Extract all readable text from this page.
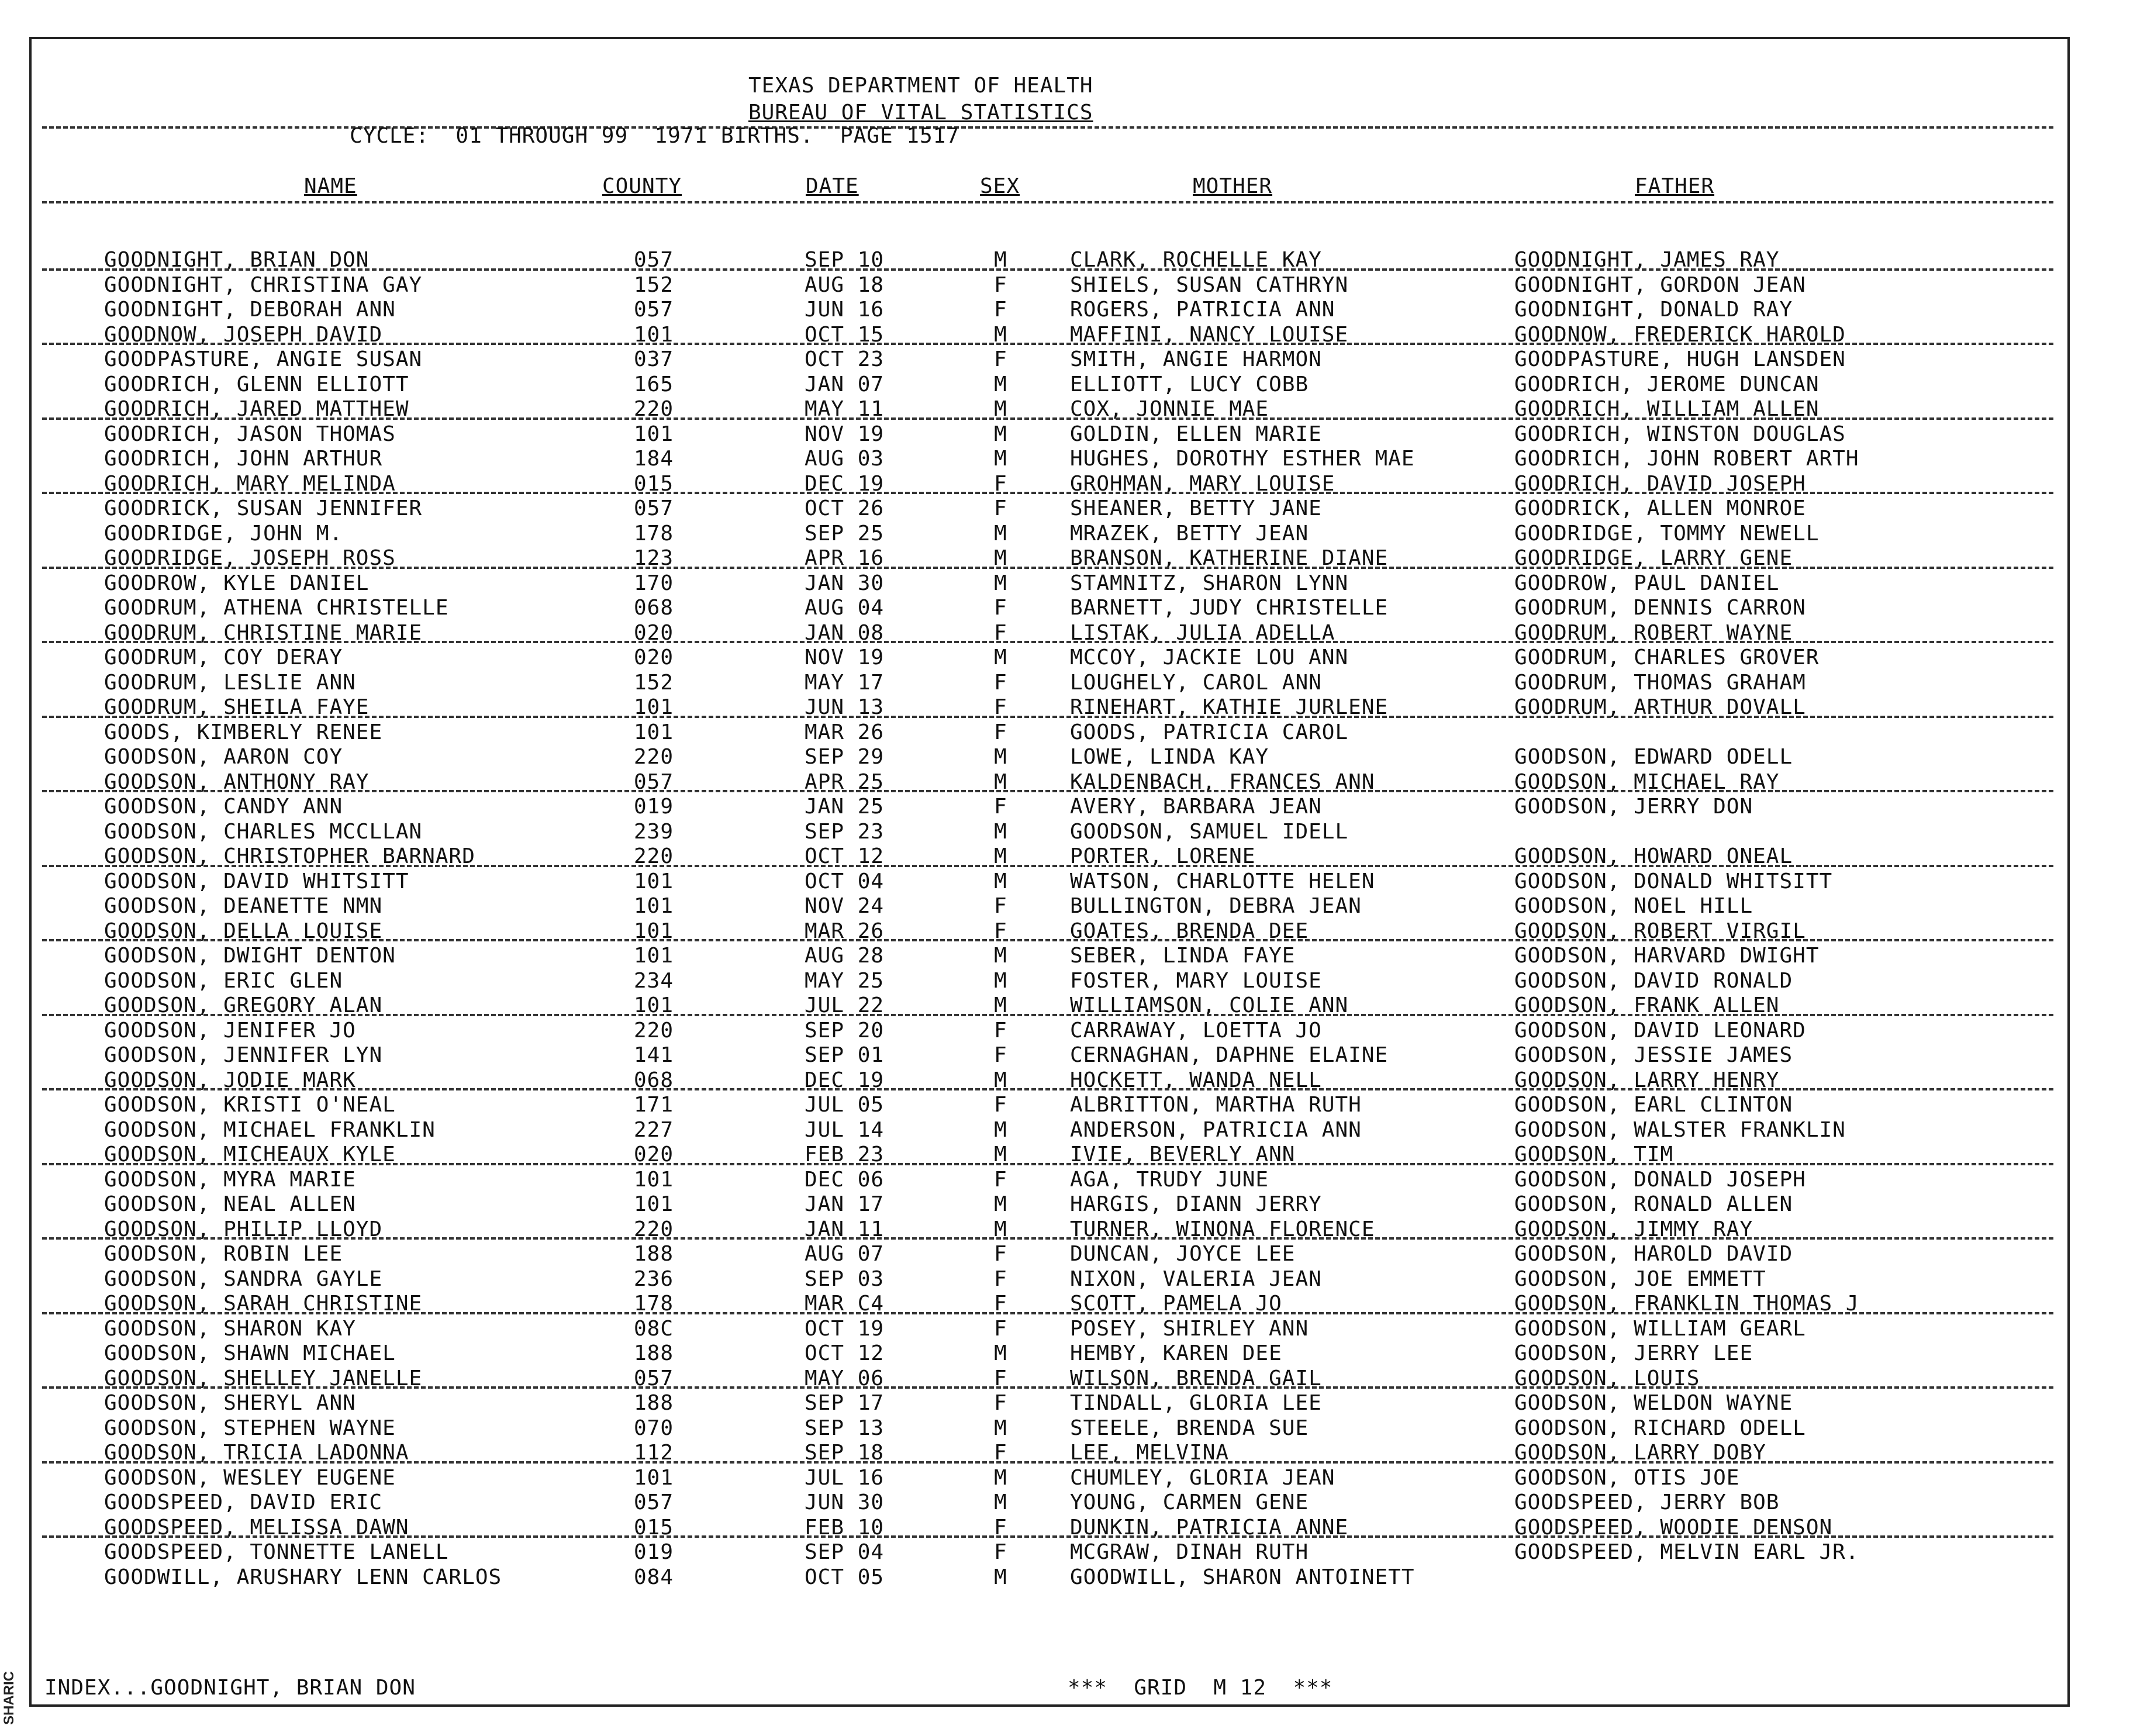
SHARIC
TEXAS DEPARTMENT OF HEALTH
BUREAU OF VITAL STATISTICS
CYCLE:  01 THROUGH 99  1971 BIRTHS.  PAGE 1517
NAME	COUNTY	DATE	SEX	MOTHER	FATHER
GOODNIGHT, BRIAN DON	057	SEP 10	M	CLARK, ROCHELLE KAY	GOODNIGHT, JAMES RAY
GOODNIGHT, CHRISTINA GAY	152	AUG 18	F	SHIELS, SUSAN CATHRYN	GOODNIGHT, GORDON JEAN
GOODNIGHT, DEBORAH ANN	057	JUN 16	F	ROGERS, PATRICIA ANN	GOODNIGHT, DONALD RAY
GOODNOW, JOSEPH DAVID	101	OCT 15	M	MAFFINI, NANCY LOUISE	GOODNOW, FREDERICK HAROLD
GOODPASTURE, ANGIE SUSAN	037	OCT 23	F	SMITH, ANGIE HARMON	GOODPASTURE, HUGH LANSDEN
GOODRICH, GLENN ELLIOTT	165	JAN 07	M	ELLIOTT, LUCY COBB	GOODRICH, JEROME DUNCAN
GOODRICH, JARED MATTHEW	220	MAY 11	M	COX, JONNIE MAE	GOODRICH, WILLIAM ALLEN
GOODRICH, JASON THOMAS	101	NOV 19	M	GOLDIN, ELLEN MARIE	GOODRICH, WINSTON DOUGLAS
GOODRICH, JOHN ARTHUR	184	AUG 03	M	HUGHES, DOROTHY ESTHER MAE	GOODRICH, JOHN ROBERT ARTH
GOODRICH, MARY MELINDA	015	DEC 19	F	GROHMAN, MARY LOUISE	GOODRICH, DAVID JOSEPH
GOODRICK, SUSAN JENNIFER	057	OCT 26	F	SHEANER, BETTY JANE	GOODRICK, ALLEN MONROE
GOODRIDGE, JOHN M.	178	SEP 25	M	MRAZEK, BETTY JEAN	GOODRIDGE, TOMMY NEWELL
GOODRIDGE, JOSEPH ROSS	123	APR 16	M	BRANSON, KATHERINE DIANE	GOODRIDGE, LARRY GENE
GOODROW, KYLE DANIEL	170	JAN 30	M	STAMNITZ, SHARON LYNN	GOODROW, PAUL DANIEL
GOODRUM, ATHENA CHRISTELLE	068	AUG 04	F	BARNETT, JUDY CHRISTELLE	GOODRUM, DENNIS CARRON
GOODRUM, CHRISTINE MARIE	020	JAN 08	F	LISTAK, JULIA ADELLA	GOODRUM, ROBERT WAYNE
GOODRUM, COY DERAY	020	NOV 19	M	MCCOY, JACKIE LOU ANN	GOODRUM, CHARLES GROVER
GOODRUM, LESLIE ANN	152	MAY 17	F	LOUGHELY, CAROL ANN	GOODRUM, THOMAS GRAHAM
GOODRUM, SHEILA FAYE	101	JUN 13	F	RINEHART, KATHIE JURLENE	GOODRUM, ARTHUR DOVALL
GOODS, KIMBERLY RENEE	101	MAR 26	F	GOODS, PATRICIA CAROL
GOODSON, AARON COY	220	SEP 29	M	LOWE, LINDA KAY	GOODSON, EDWARD ODELL
GOODSON, ANTHONY RAY	057	APR 25	M	KALDENBACH, FRANCES ANN	GOODSON, MICHAEL RAY
GOODSON, CANDY ANN	019	JAN 25	F	AVERY, BARBARA JEAN	GOODSON, JERRY DON
GOODSON, CHARLES MCCLLAN	239	SEP 23	M	GOODSON, SAMUEL IDELL
GOODSON, CHRISTOPHER BARNARD	220	OCT 12	M	PORTER, LORENE	GOODSON, HOWARD ONEAL
GOODSON, DAVID WHITSITT	101	OCT 04	M	WATSON, CHARLOTTE HELEN	GOODSON, DONALD WHITSITT
GOODSON, DEANETTE NMN	101	NOV 24	F	BULLINGTON, DEBRA JEAN	GOODSON, NOEL HILL
GOODSON, DELLA LOUISE	101	MAR 26	F	GOATES, BRENDA DEE	GOODSON, ROBERT VIRGIL
GOODSON, DWIGHT DENTON	101	AUG 28	M	SEBER, LINDA FAYE	GOODSON, HARVARD DWIGHT
GOODSON, ERIC GLEN	234	MAY 25	M	FOSTER, MARY LOUISE	GOODSON, DAVID RONALD
GOODSON, GREGORY ALAN	101	JUL 22	M	WILLIAMSON, COLIE ANN	GOODSON, FRANK ALLEN
GOODSON, JENIFER JO	220	SEP 20	F	CARRAWAY, LOETTA JO	GOODSON, DAVID LEONARD
GOODSON, JENNIFER LYN	141	SEP 01	F	CERNAGHAN, DAPHNE ELAINE	GOODSON, JESSIE JAMES
GOODSON, JODIE MARK	068	DEC 19	M	HOCKETT, WANDA NELL	GOODSON, LARRY HENRY
GOODSON, KRISTI O'NEAL	171	JUL 05	F	ALBRITTON, MARTHA RUTH	GOODSON, EARL CLINTON
GOODSON, MICHAEL FRANKLIN	227	JUL 14	M	ANDERSON, PATRICIA ANN	GOODSON, WALSTER FRANKLIN
GOODSON, MICHEAUX KYLE	020	FEB 23	M	IVIE, BEVERLY ANN	GOODSON, TIM
GOODSON, MYRA MARIE	101	DEC 06	F	AGA, TRUDY JUNE	GOODSON, DONALD JOSEPH
GOODSON, NEAL ALLEN	101	JAN 17	M	HARGIS, DIANN JERRY	GOODSON, RONALD ALLEN
GOODSON, PHILIP LLOYD	220	JAN 11	M	TURNER, WINONA FLORENCE	GOODSON, JIMMY RAY
GOODSON, ROBIN LEE	188	AUG 07	F	DUNCAN, JOYCE LEE	GOODSON, HAROLD DAVID
GOODSON, SANDRA GAYLE	236	SEP 03	F	NIXON, VALERIA JEAN	GOODSON, JOE EMMETT
GOODSON, SARAH CHRISTINE	178	MAR C4	F	SCOTT, PAMELA JO	GOODSON, FRANKLIN THOMAS J
GOODSON, SHARON KAY	08C	OCT 19	F	POSEY, SHIRLEY ANN	GOODSON, WILLIAM GEARL
GOODSON, SHAWN MICHAEL	188	OCT 12	M	HEMBY, KAREN DEE	GOODSON, JERRY LEE
GOODSON, SHELLEY JANELLE	057	MAY 06	F	WILSON, BRENDA GAIL	GOODSON, LOUIS
GOODSON, SHERYL ANN	188	SEP 17	F	TINDALL, GLORIA LEE	GOODSON, WELDON WAYNE
GOODSON, STEPHEN WAYNE	070	SEP 13	M	STEELE, BRENDA SUE	GOODSON, RICHARD ODELL
GOODSON, TRICIA LADONNA	112	SEP 18	F	LEE, MELVINA	GOODSON, LARRY DOBY
GOODSON, WESLEY EUGENE	101	JUL 16	M	CHUMLEY, GLORIA JEAN	GOODSON, OTIS JOE
GOODSPEED, DAVID ERIC	057	JUN 30	M	YOUNG, CARMEN GENE	GOODSPEED, JERRY BOB
GOODSPEED, MELISSA DAWN	015	FEB 10	F	DUNKIN, PATRICIA ANNE	GOODSPEED, WOODIE DENSON
GOODSPEED, TONNETTE LANELL	019	SEP 04	F	MCGRAW, DINAH RUTH	GOODSPEED, MELVIN EARL JR.
GOODWILL, ARUSHARY LENN CARLOS	084	OCT 05	M	GOODWILL, SHARON ANTOINETT
INDEX...GOODNIGHT, BRIAN DON	***  GRID  M 12  ***
